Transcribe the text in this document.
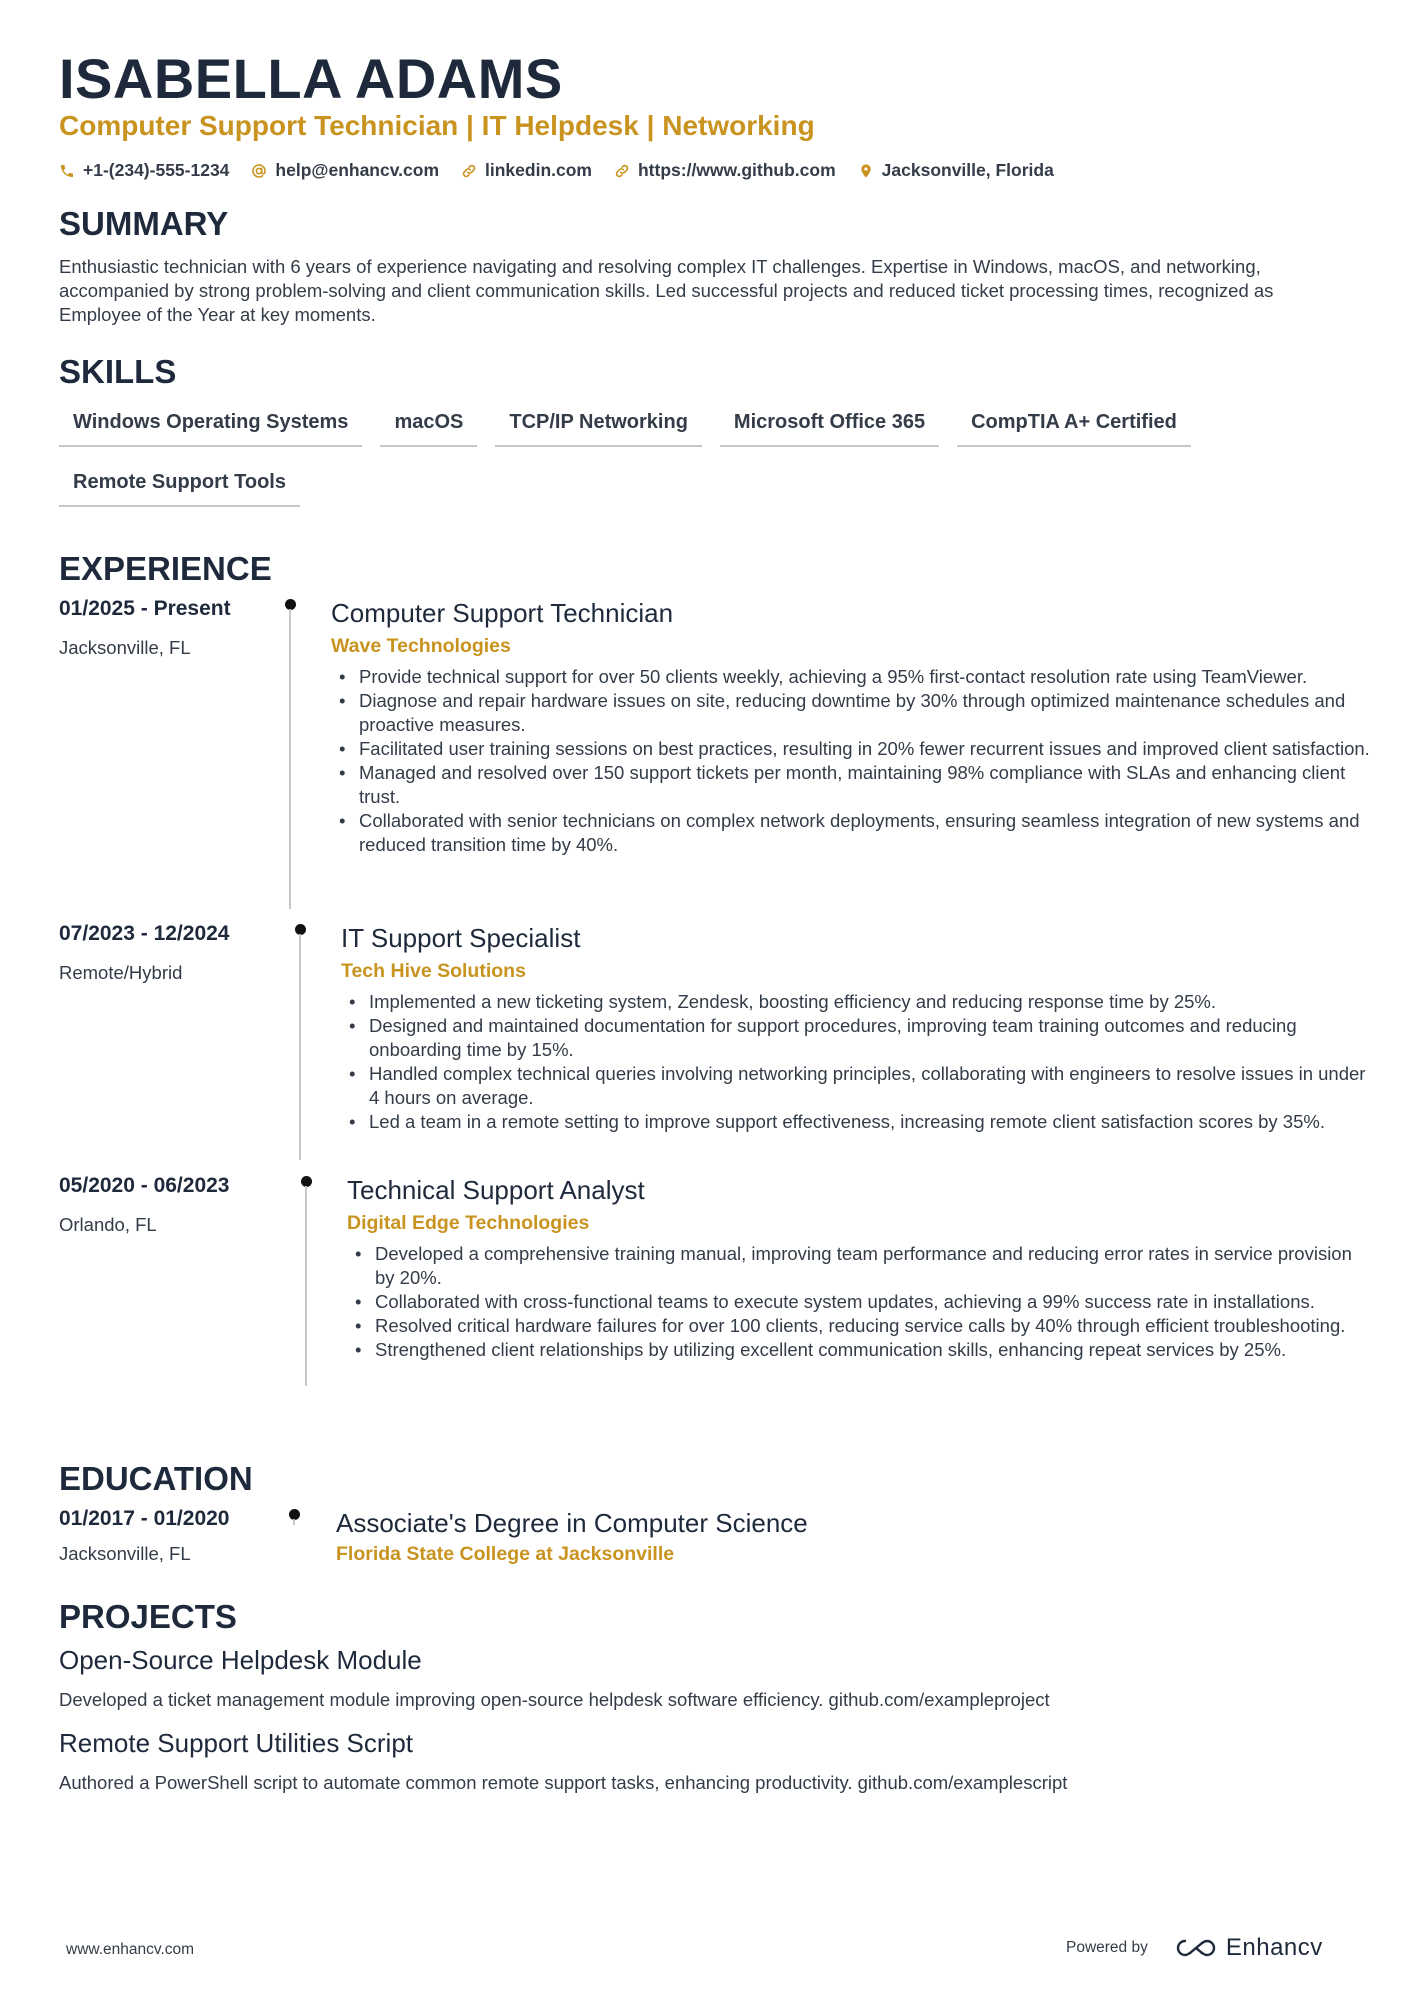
ISABELLA ADAMS
Computer Support Technician | IT Helpdesk | Networking
+1-(234)-555-1234	help@enhancv.com	linkedin.com	https://www.github.com	Jacksonville, Florida
SUMMARY
Enthusiastic technician with 6 years of experience navigating and resolving complex IT challenges. Expertise in Windows, macOS, and networking, accompanied by strong problem-solving and client communication skills. Led successful projects and reduced ticket processing times, recognized as Employee of the Year at key moments.
SKILLS
Windows Operating Systems	macOS	TCP/IP Networking	Microsoft Office 365	CompTIA A+ Certified
Remote Support Tools
EXPERIENCE
01/2025 - Present
Jacksonville, FL
Computer Support Technician
Wave Technologies
• Provide technical support for over 50 clients weekly, achieving a 95% first-contact resolution rate using TeamViewer.
• Diagnose and repair hardware issues on site, reducing downtime by 30% through optimized maintenance schedules and proactive measures.
• Facilitated user training sessions on best practices, resulting in 20% fewer recurrent issues and improved client satisfaction.
• Managed and resolved over 150 support tickets per month, maintaining 98% compliance with SLAs and enhancing client trust.
• Collaborated with senior technicians on complex network deployments, ensuring seamless integration of new systems and reduced transition time by 40%.
07/2023 - 12/2024
Remote/Hybrid
IT Support Specialist
Tech Hive Solutions
• Implemented a new ticketing system, Zendesk, boosting efficiency and reducing response time by 25%.
• Designed and maintained documentation for support procedures, improving team training outcomes and reducing onboarding time by 15%.
• Handled complex technical queries involving networking principles, collaborating with engineers to resolve issues in under 4 hours on average.
• Led a team in a remote setting to improve support effectiveness, increasing remote client satisfaction scores by 35%.
05/2020 - 06/2023
Orlando, FL
Technical Support Analyst
Digital Edge Technologies
• Developed a comprehensive training manual, improving team performance and reducing error rates in service provision by 20%.
• Collaborated with cross-functional teams to execute system updates, achieving a 99% success rate in installations.
• Resolved critical hardware failures for over 100 clients, reducing service calls by 40% through efficient troubleshooting.
• Strengthened client relationships by utilizing excellent communication skills, enhancing repeat services by 25%.
EDUCATION
01/2017 - 01/2020
Jacksonville, FL
Associate's Degree in Computer Science
Florida State College at Jacksonville
PROJECTS
Open-Source Helpdesk Module
Developed a ticket management module improving open-source helpdesk software efficiency. github.com/exampleproject
Remote Support Utilities Script
Authored a PowerShell script to automate common remote support tasks, enhancing productivity. github.com/examplescript
www.enhancv.com	Powered by	Enhancv
